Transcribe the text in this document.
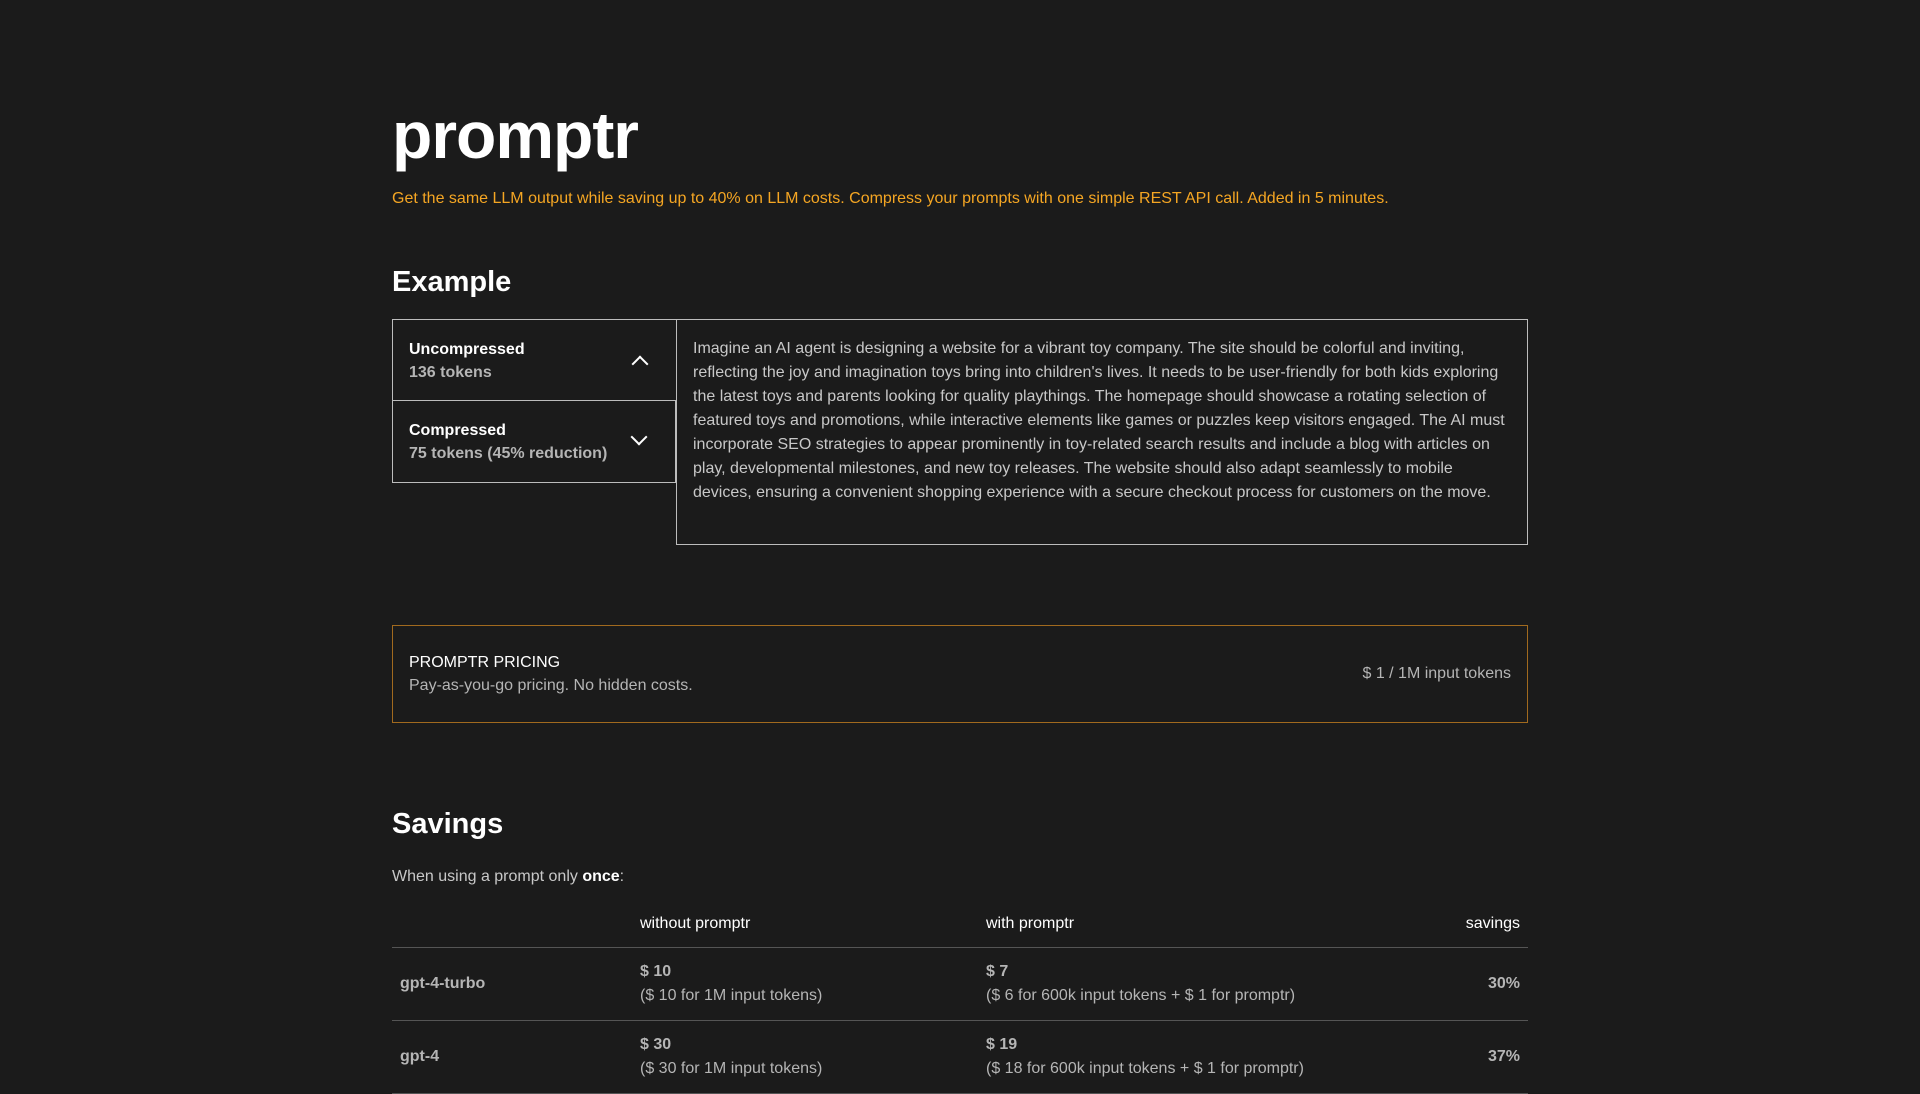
promptr
Get the same LLM output while saving up to 40% on LLM costs. Compress your prompts with one simple REST API call. Added in 5 minutes.
Example
Uncompressed
136 tokens
Compressed
75 tokens (45% reduction)
Imagine an AI agent is designing a website for a vibrant toy company. The site should be colorful and inviting, reflecting the joy and imagination toys bring into children's lives. It needs to be user-friendly for both kids exploring the latest toys and parents looking for quality playthings. The homepage should showcase a rotating selection of featured toys and promotions, while interactive elements like games or puzzles keep visitors engaged. The AI must incorporate SEO strategies to appear prominently in toy-related search results and include a blog with articles on play, developmental milestones, and new toy releases. The website should also adapt seamlessly to mobile devices, ensuring a convenient shopping experience with a secure checkout process for customers on the move.
PROMPTR PRICING
Pay-as-you-go pricing. No hidden costs.
$ 1 / 1M input tokens
Savings
When using a prompt only once:
without promptr	with promptr	savings
gpt-4-turbo
$ 10
($ 10 for 1M input tokens)
$ 7
($ 6 for 600k input tokens + $ 1 for promptr)
30%
gpt-4
$ 30
($ 30 for 1M input tokens)
$ 19
($ 18 for 600k input tokens + $ 1 for promptr)
37%
